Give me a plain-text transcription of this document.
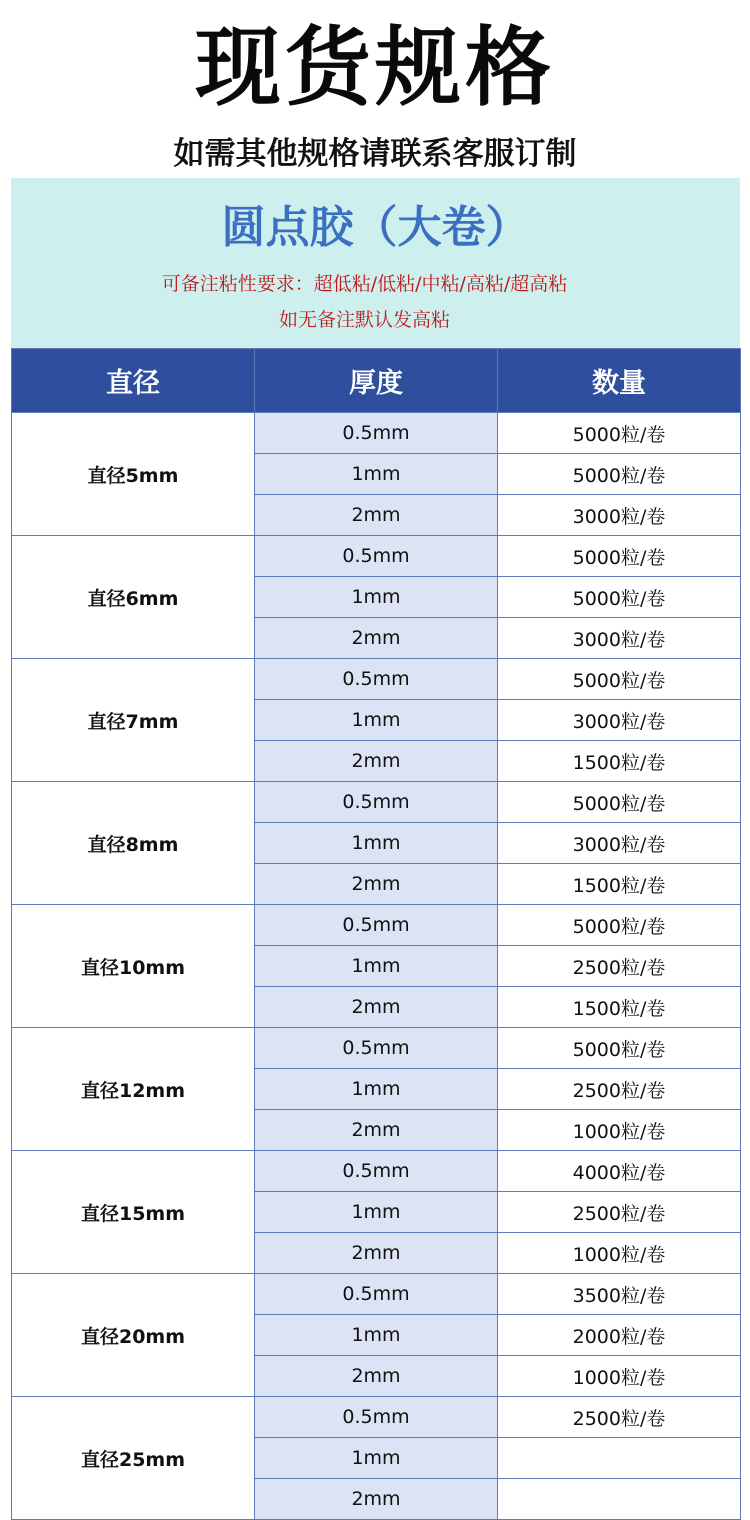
现货规格

如需其他规格请联系客服订制

圆点胶（大卷）
可备注粘性要求：超低粘/低粘/中粘/高粘/超高粘
如无备注默认发高粘
直径	厚度	数量
直径5mm	0.5mm	5000粒/卷
	1mm	5000粒/卷
	2mm	3000粒/卷
直径6mm	0.5mm	5000粒/卷
	1mm	5000粒/卷
	2mm	3000粒/卷
直径7mm	0.5mm	5000粒/卷
	1mm	3000粒/卷
	2mm	1500粒/卷
直径8mm	0.5mm	5000粒/卷
	1mm	3000粒/卷
	2mm	1500粒/卷
直径10mm	0.5mm	5000粒/卷
	1mm	2500粒/卷
	2mm	1500粒/卷
直径12mm	0.5mm	5000粒/卷
	1mm	2500粒/卷
	2mm	1000粒/卷
直径15mm	0.5mm	4000粒/卷
	1mm	2500粒/卷
	2mm	1000粒/卷
直径20mm	0.5mm	3500粒/卷
	1mm	2000粒/卷
	2mm	1000粒/卷
直径25mm	0.5mm	2500粒/卷
	1mm	
	2mm	
